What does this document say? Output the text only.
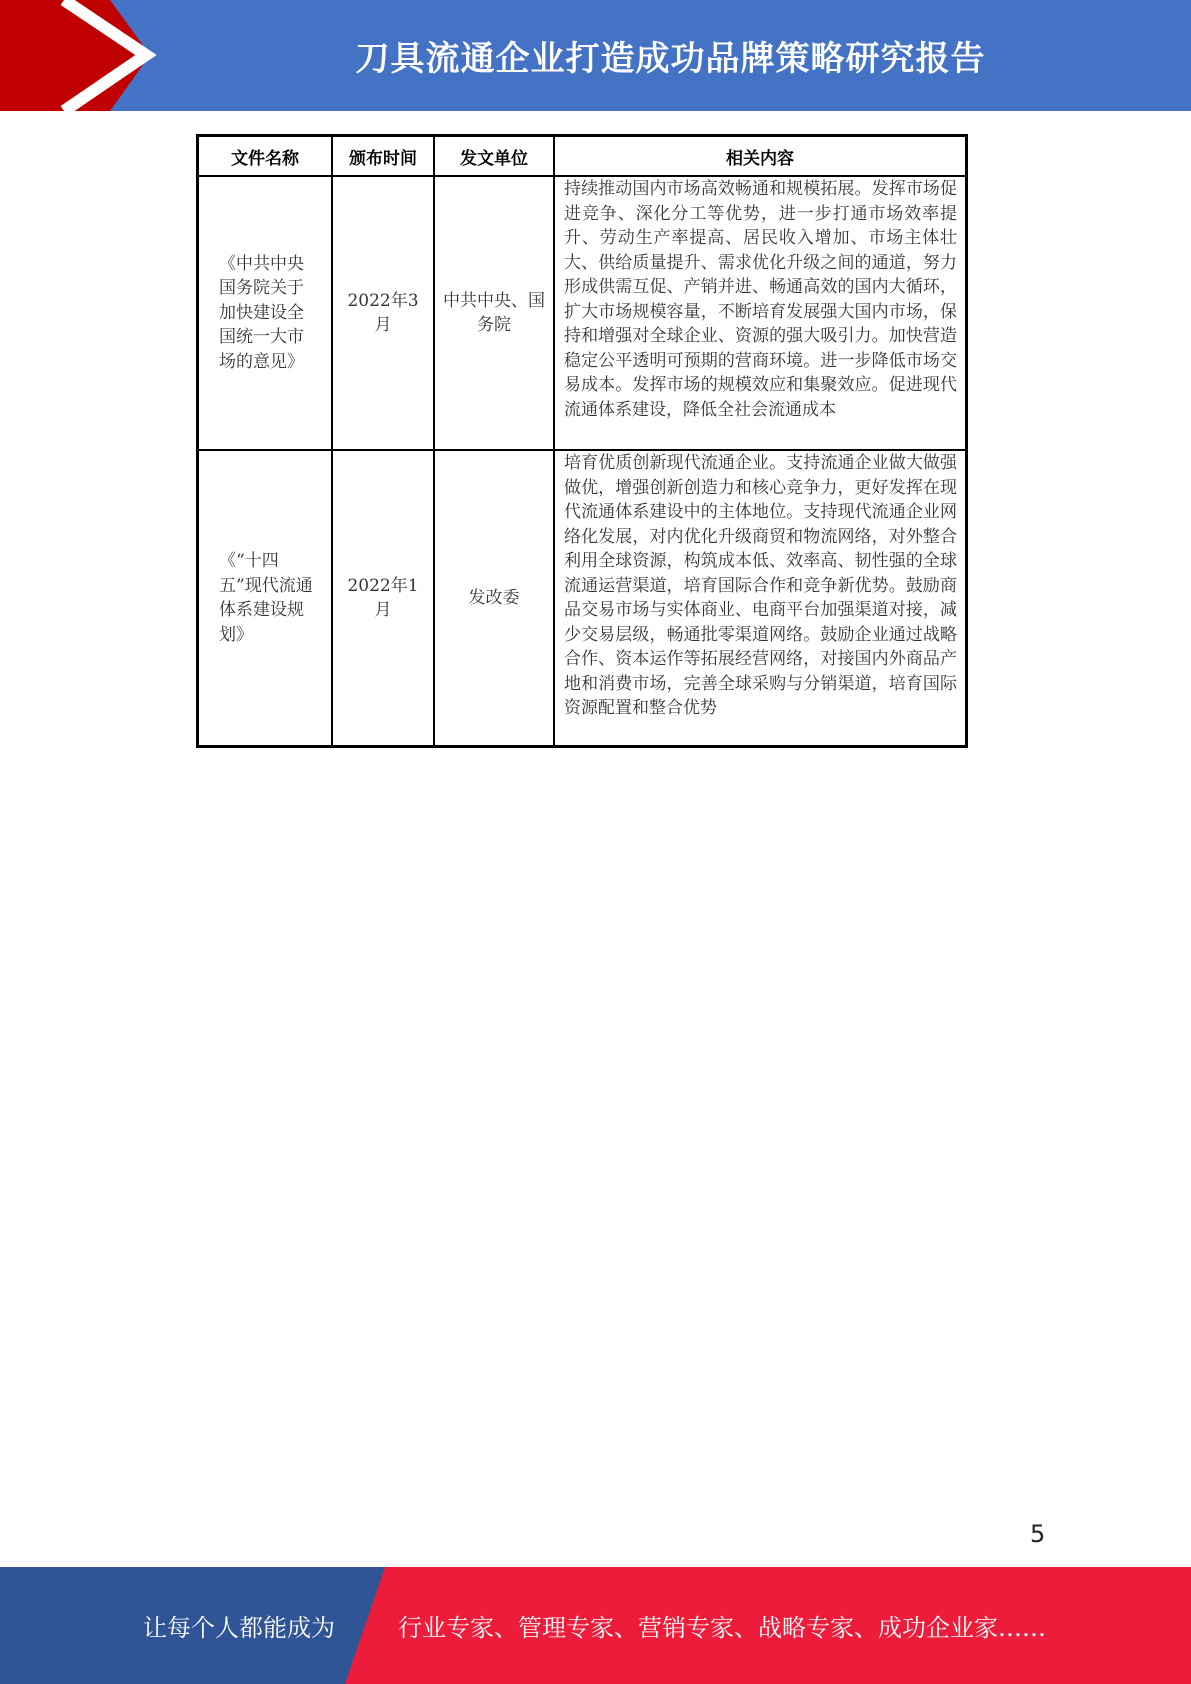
刀具流通企业打造成功品牌策略研究报告
文件名称	颁布时间	发文单位	相关内容
《中共中央国务院关于加快建设全国统一大市场的意见》	2022年3月	中共中央、国务院	持续推动国内市场高效畅通和规模拓展。发挥市场促进竞争、深化分工等优势，进一步打通市场效率提升、劳动生产率提高、居民收入增加、市场主体壮大、供给质量提升、需求优化升级之间的通道，努力形成供需互促、产销并进、畅通高效的国内大循环，扩大市场规模容量，不断培育发展强大国内市场，保持和增强对全球企业、资源的强大吸引力。加快营造稳定公平透明可预期的营商环境。进一步降低市场交易成本。发挥市场的规模效应和集聚效应。促进现代流通体系建设，降低全社会流通成本
《“十四五”现代流通体系建设规划》	2022年1月	发改委	培育优质创新现代流通企业。支持流通企业做大做强做优，增强创新创造力和核心竞争力，更好发挥在现代流通体系建设中的主体地位。支持现代流通企业网络化发展，对内优化升级商贸和物流网络，对外整合利用全球资源，构筑成本低、效率高、韧性强的全球流通运营渠道，培育国际合作和竞争新优势。鼓励商品交易市场与实体商业、电商平台加强渠道对接，减少交易层级，畅通批零渠道网络。鼓励企业通过战略合作、资本运作等拓展经营网络，对接国内外商品产地和消费市场，完善全球采购与分销渠道，培育国际资源配置和整合优势
5
让每个人都能成为	行业专家、管理专家、营销专家、战略专家、成功企业家……
